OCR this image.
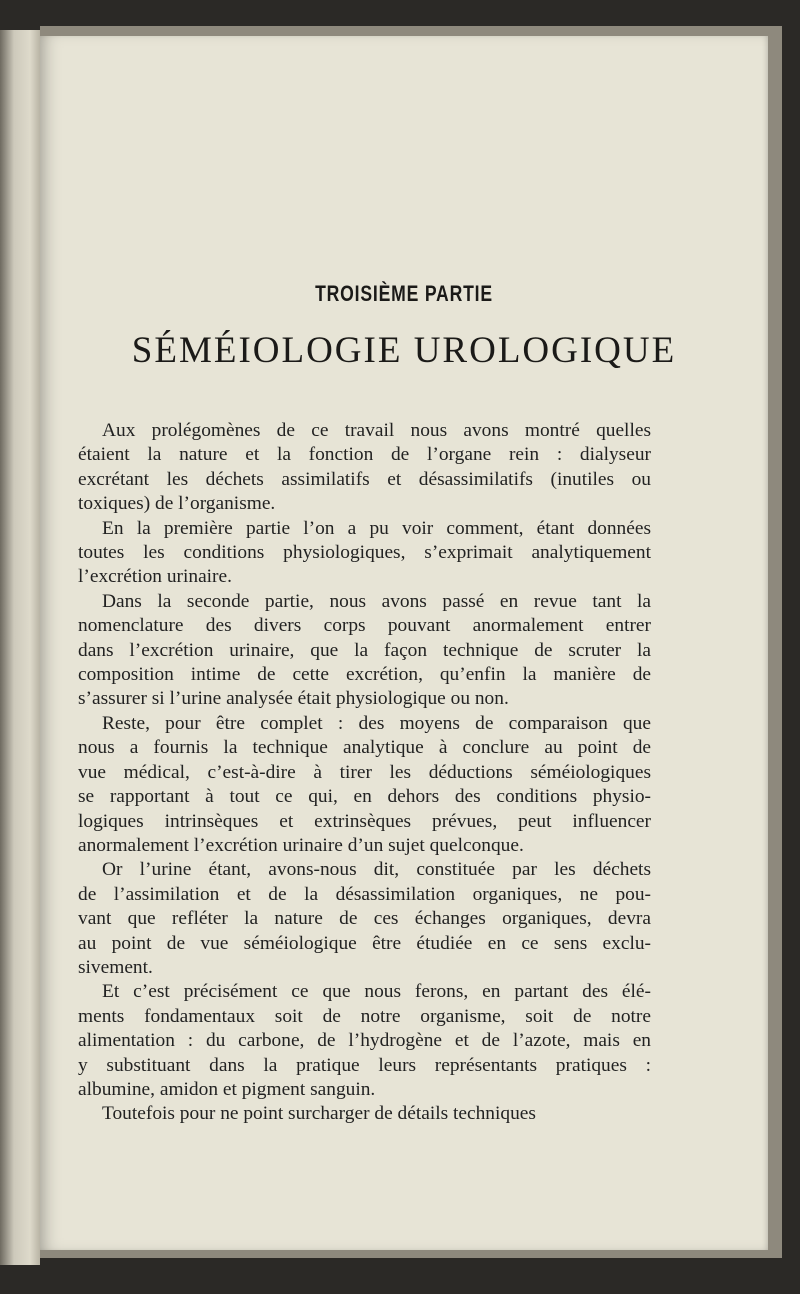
TROISIÈME PARTIE
SÉMÉIOLOGIE UROLOGIQUE
Aux prolégomènes de ce travail nous avons montré quelles
étaient la nature et la fonction de l’organe rein : dialyseur
excrétant les déchets assimilatifs et désassimilatifs (inutiles ou
toxiques) de l’organisme.
En la première partie l’on a pu voir comment, étant données
toutes les conditions physiologiques, s’exprimait analytiquement
l’excrétion urinaire.
Dans la seconde partie, nous avons passé en revue tant la
nomenclature des divers corps pouvant anormalement entrer
dans l’excrétion urinaire, que la façon technique de scruter la
composition intime de cette excrétion, qu’enfin la manière de
s’assurer si l’urine analysée était physiologique ou non.
Reste, pour être complet : des moyens de comparaison que
nous a fournis la technique analytique à conclure au point de
vue médical, c’est-à-dire à tirer les déductions séméiologiques
se rapportant à tout ce qui, en dehors des conditions physio-
logiques intrinsèques et extrinsèques prévues, peut influencer
anormalement l’excrétion urinaire d’un sujet quelconque.
Or l’urine étant, avons-nous dit, constituée par les déchets
de l’assimilation et de la désassimilation organiques, ne pou-
vant que refléter la nature de ces échanges organiques, devra
au point de vue séméiologique être étudiée en ce sens exclu-
sivement.
Et c’est précisément ce que nous ferons, en partant des élé-
ments fondamentaux soit de notre organisme, soit de notre
alimentation : du carbone, de l’hydrogène et de l’azote, mais en
y substituant dans la pratique leurs représentants pratiques :
albumine, amidon et pigment sanguin.
Toutefois pour ne point surcharger de détails techniques
